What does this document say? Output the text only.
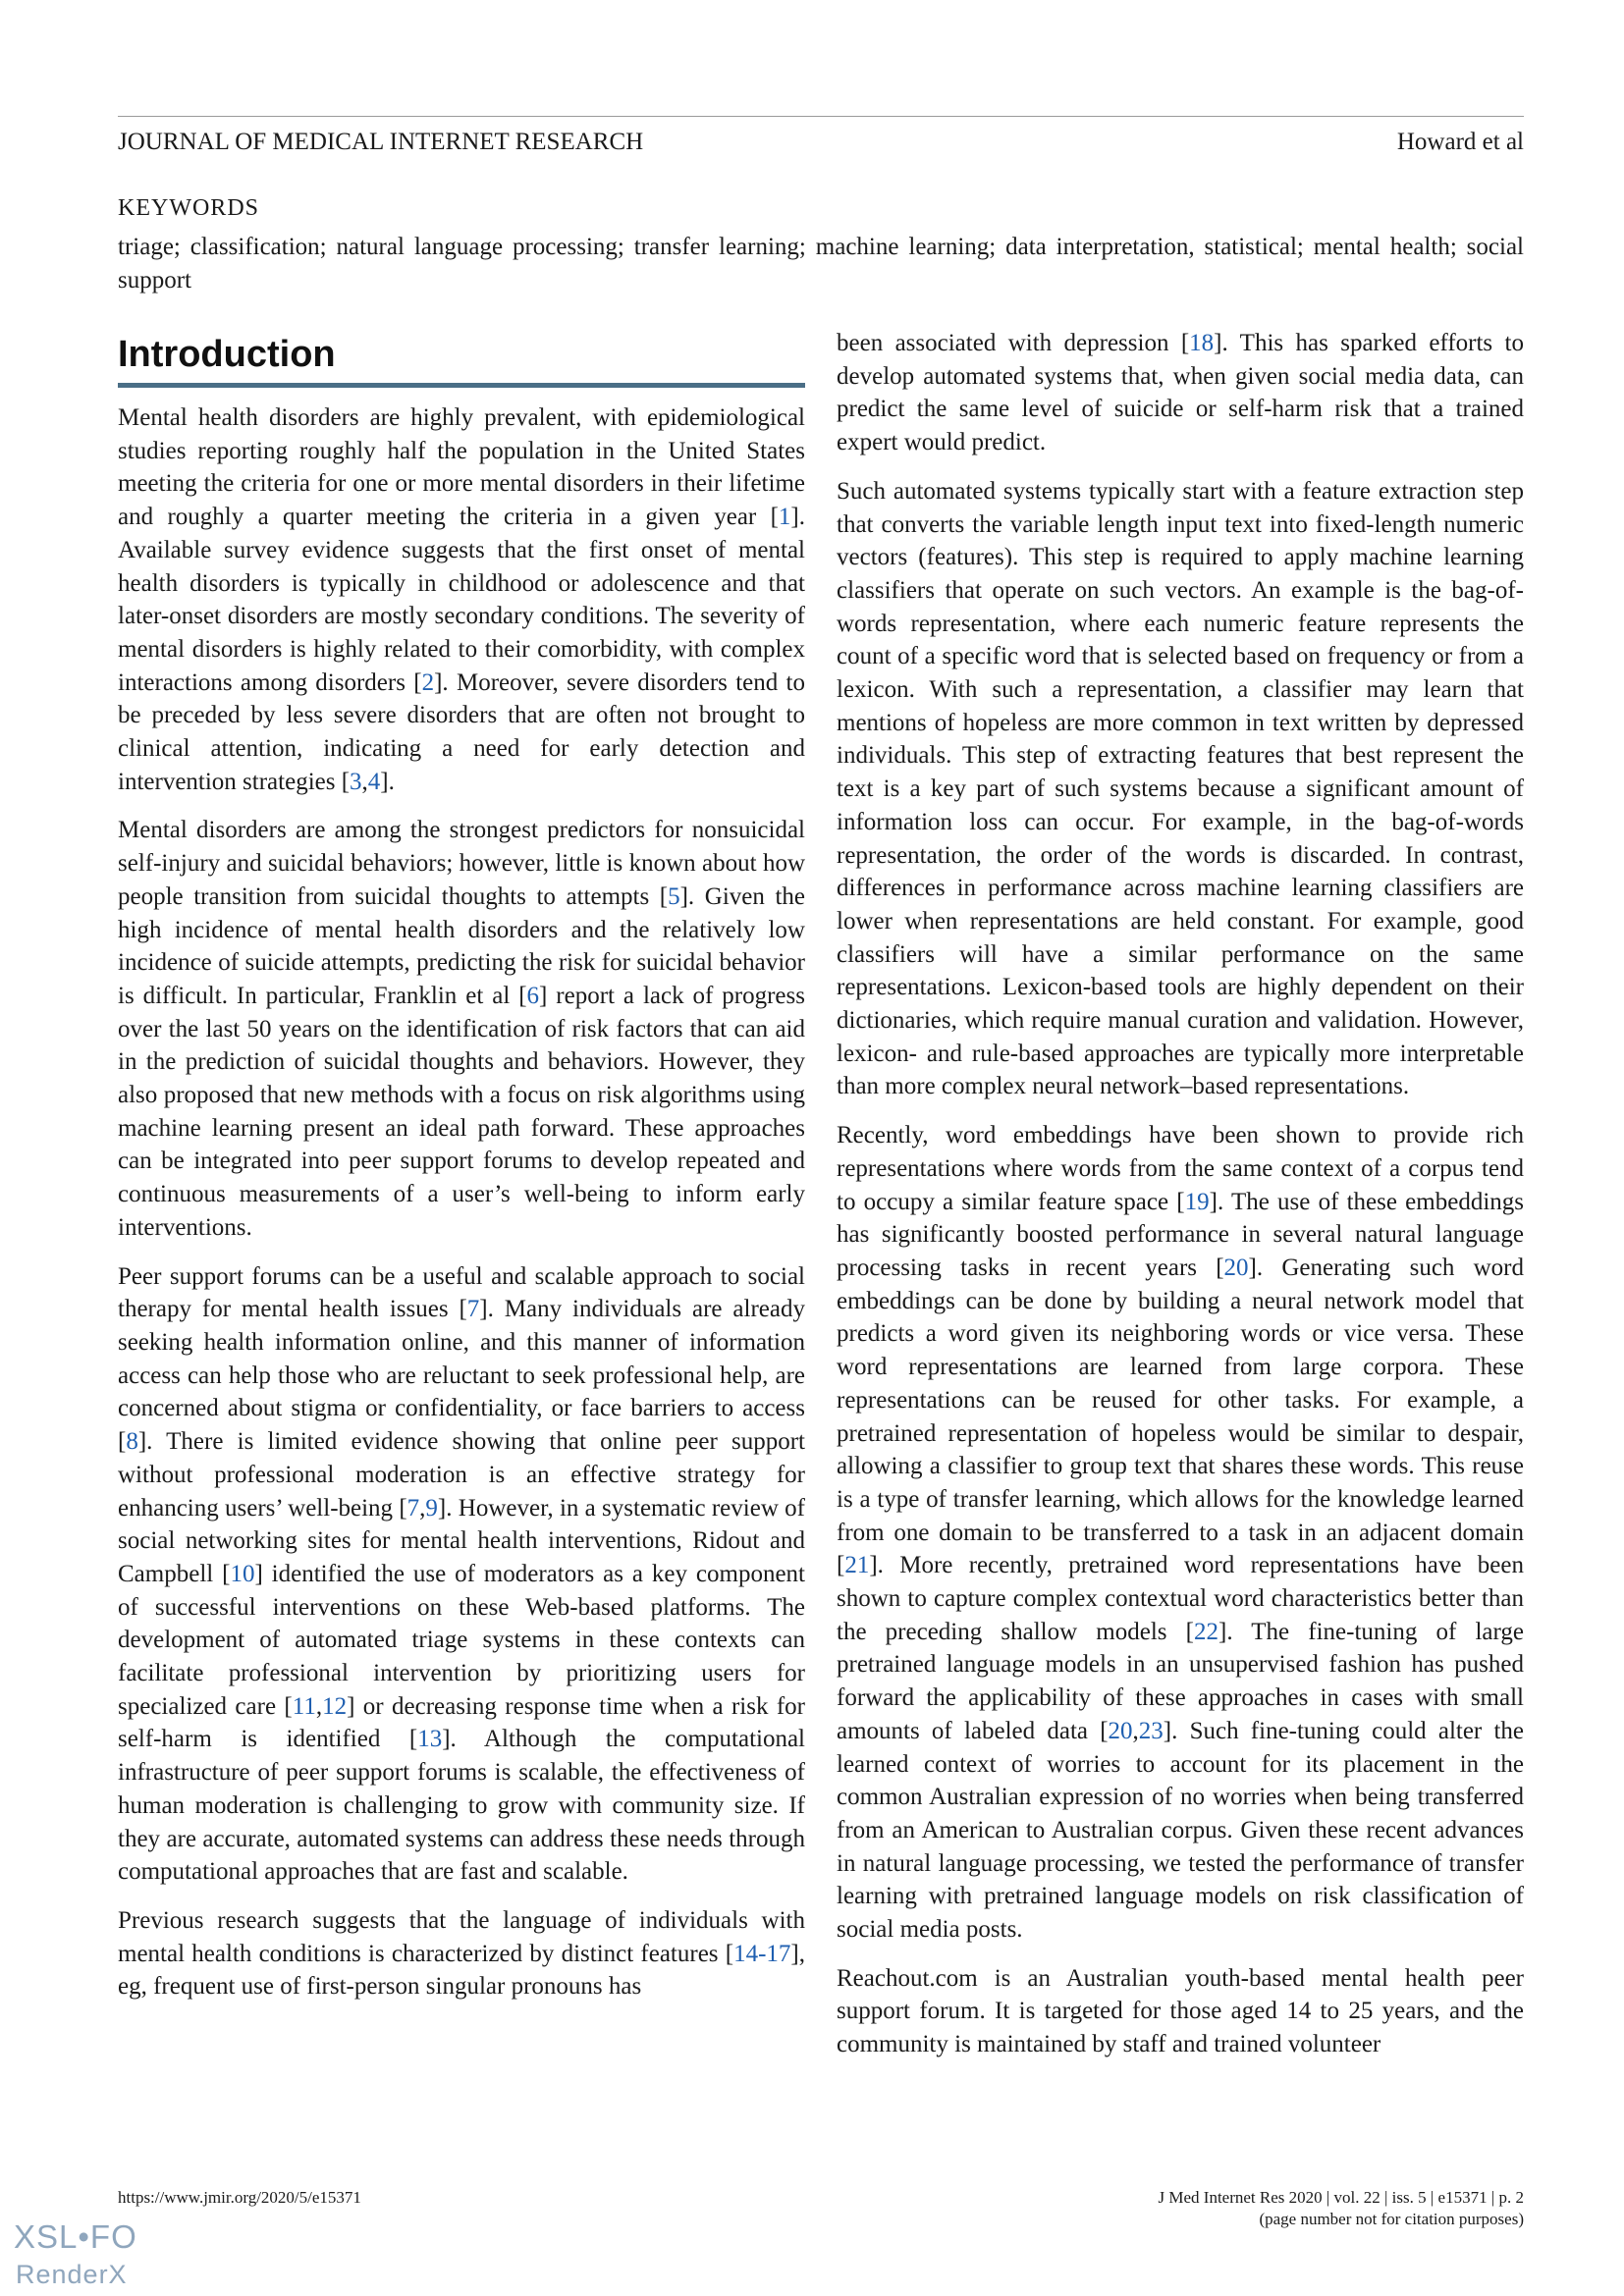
JOURNAL OF MEDICAL INTERNET RESEARCH	Howard et al
KEYWORDS
triage; classification; natural language processing; transfer learning; machine learning; data interpretation, statistical; mental health; social support
Introduction

Mental health disorders are highly prevalent, with epidemiological studies reporting roughly half the population in the United States meeting the criteria for one or more mental disorders in their lifetime and roughly a quarter meeting the criteria in a given year [1]. Available survey evidence suggests that the first onset of mental health disorders is typically in childhood or adolescence and that later-onset disorders are mostly secondary conditions. The severity of mental disorders is highly related to their comorbidity, with complex interactions among disorders [2]. Moreover, severe disorders tend to be preceded by less severe disorders that are often not brought to clinical attention, indicating a need for early detection and intervention strategies [3,4].

Mental disorders are among the strongest predictors for nonsuicidal self-injury and suicidal behaviors; however, little is known about how people transition from suicidal thoughts to attempts [5]. Given the high incidence of mental health disorders and the relatively low incidence of suicide attempts, predicting the risk for suicidal behavior is difficult. In particular, Franklin et al [6] report a lack of progress over the last 50 years on the identification of risk factors that can aid in the prediction of suicidal thoughts and behaviors. However, they also proposed that new methods with a focus on risk algorithms using machine learning present an ideal path forward. These approaches can be integrated into peer support forums to develop repeated and continuous measurements of a user’s well-being to inform early interventions.

Peer support forums can be a useful and scalable approach to social therapy for mental health issues [7]. Many individuals are already seeking health information online, and this manner of information access can help those who are reluctant to seek professional help, are concerned about stigma or confidentiality, or face barriers to access [8]. There is limited evidence showing that online peer support without professional moderation is an effective strategy for enhancing users’ well-being [7,9]. However, in a systematic review of social networking sites for mental health interventions, Ridout and Campbell [10] identified the use of moderators as a key component of successful interventions on these Web-based platforms. The development of automated triage systems in these contexts can facilitate professional intervention by prioritizing users for specialized care [11,12] or decreasing response time when a risk for self-harm is identified [13]. Although the computational infrastructure of peer support forums is scalable, the effectiveness of human moderation is challenging to grow with community size. If they are accurate, automated systems can address these needs through computational approaches that are fast and scalable.

Previous research suggests that the language of individuals with mental health conditions is characterized by distinct features [14-17], eg, frequent use of first-person singular pronouns has

been associated with depression [18]. This has sparked efforts to develop automated systems that, when given social media data, can predict the same level of suicide or self-harm risk that a trained expert would predict.

Such automated systems typically start with a feature extraction step that converts the variable length input text into fixed-length numeric vectors (features). This step is required to apply machine learning classifiers that operate on such vectors. An example is the bag-of-words representation, where each numeric feature represents the count of a specific word that is selected based on frequency or from a lexicon. With such a representation, a classifier may learn that mentions of hopeless are more common in text written by depressed individuals. This step of extracting features that best represent the text is a key part of such systems because a significant amount of information loss can occur. For example, in the bag-of-words representation, the order of the words is discarded. In contrast, differences in performance across machine learning classifiers are lower when representations are held constant. For example, good classifiers will have a similar performance on the same representations. Lexicon-based tools are highly dependent on their dictionaries, which require manual curation and validation. However, lexicon- and rule-based approaches are typically more interpretable than more complex neural network–based representations.

Recently, word embeddings have been shown to provide rich representations where words from the same context of a corpus tend to occupy a similar feature space [19]. The use of these embeddings has significantly boosted performance in several natural language processing tasks in recent years [20]. Generating such word embeddings can be done by building a neural network model that predicts a word given its neighboring words or vice versa. These word representations are learned from large corpora. These representations can be reused for other tasks. For example, a pretrained representation of hopeless would be similar to despair, allowing a classifier to group text that shares these words. This reuse is a type of transfer learning, which allows for the knowledge learned from one domain to be transferred to a task in an adjacent domain [21]. More recently, pretrained word representations have been shown to capture complex contextual word characteristics better than the preceding shallow models [22]. The fine-tuning of large pretrained language models in an unsupervised fashion has pushed forward the applicability of these approaches in cases with small amounts of labeled data [20,23]. Such fine-tuning could alter the learned context of worries to account for its placement in the common Australian expression of no worries when being transferred from an American to Australian corpus. Given these recent advances in natural language processing, we tested the performance of transfer learning with pretrained language models on risk classification of social media posts.

Reachout.com is an Australian youth-based mental health peer support forum. It is targeted for those aged 14 to 25 years, and the community is maintained by staff and trained volunteer

https://www.jmir.org/2020/5/e15371	J Med Internet Res 2020 | vol. 22 | iss. 5 | e15371 | p. 2
(page number not for citation purposes)
XSL•FO
RenderX
